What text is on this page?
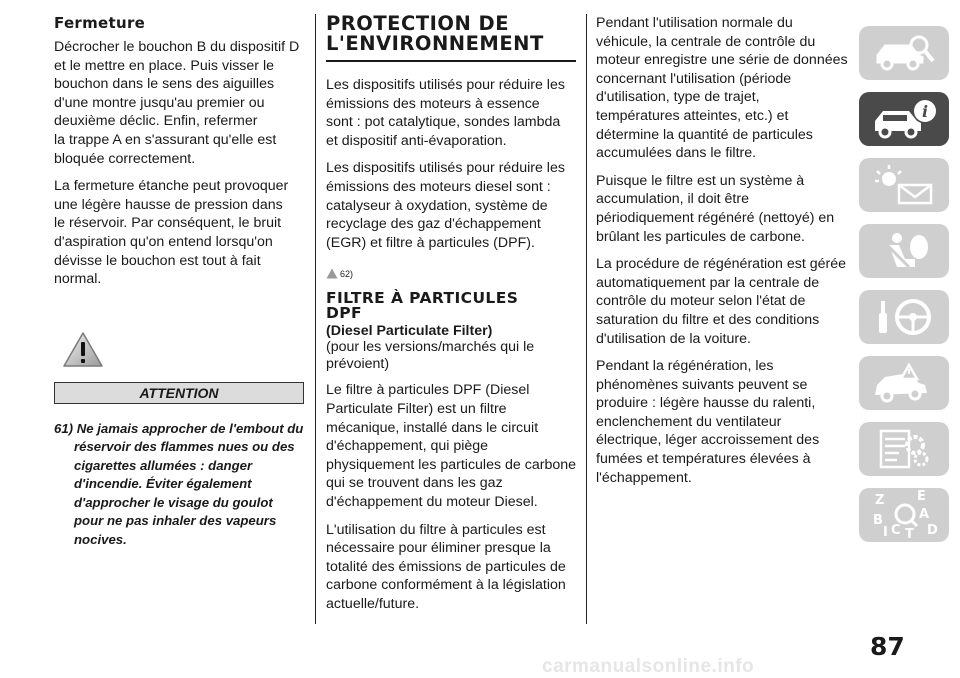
Fermeture

Décrocher le bouchon B du dispositif D
et le mettre en place. Puis visser le
bouchon dans le sens des aiguilles
d'une montre jusqu'au premier ou
deuxième déclic. Enfin, refermer
la trappe A en s'assurant qu'elle est
bloquée correctement.

La fermeture étanche peut provoquer
une légère hausse de pression dans
le réservoir. Par conséquent, le bruit
d'aspiration qu'on entend lorsqu'on
dévisse le bouchon est tout à fait
normal.

ATTENTION
61) Ne jamais approcher de l'embout du réservoir des flammes nues ou des cigarettes allumées : danger d'incendie. Éviter également d'approcher le visage du goulot pour ne pas inhaler des vapeurs nocives.
PROTECTION DE
L'ENVIRONNEMENT

Les dispositifs utilisés pour réduire les
émissions des moteurs à essence
sont : pot catalytique, sondes lambda
et dispositif anti-évaporation.

Les dispositifs utilisés pour réduire les
émissions des moteurs diesel sont :
catalyseur à oxydation, système de
recyclage des gaz d'échappement
(EGR) et filtre à particules (DPF).

62)
FILTRE À PARTICULES
DPF
(Diesel Particulate Filter)
(pour les versions/marchés qui le
prévoient)

Le filtre à particules DPF (Diesel
Particulate Filter) est un filtre
mécanique, installé dans le circuit
d'échappement, qui piège
physiquement les particules de carbone
qui se trouvent dans les gaz
d'échappement du moteur Diesel.

L'utilisation du filtre à particules est
nécessaire pour éliminer presque la
totalité des émissions de particules de
carbone conformément à la législation
actuelle/future.

Pendant l'utilisation normale du
véhicule, la centrale de contrôle du
moteur enregistre une série de données
concernant l'utilisation (période
d'utilisation, type de trajet,
températures atteintes, etc.) et
détermine la quantité de particules
accumulées dans le filtre.

Puisque le filtre est un système à
accumulation, il doit être
périodiquement régénéré (nettoyé) en
brûlant les particules de carbone.

La procédure de régénération est gérée
automatiquement par la centrale de
contrôle du moteur selon l'état de
saturation du filtre et des conditions
d'utilisation de la voiture.

Pendant la régénération, les
phénomènes suivants peuvent se
produire : légère hausse du ralenti,
enclenchement du ventilateur
électrique, léger accroissement des
fumées et températures élevées à
l'échappement.

i
Z	E
A
B
D
C T
I
87
carmanualsonline.info
